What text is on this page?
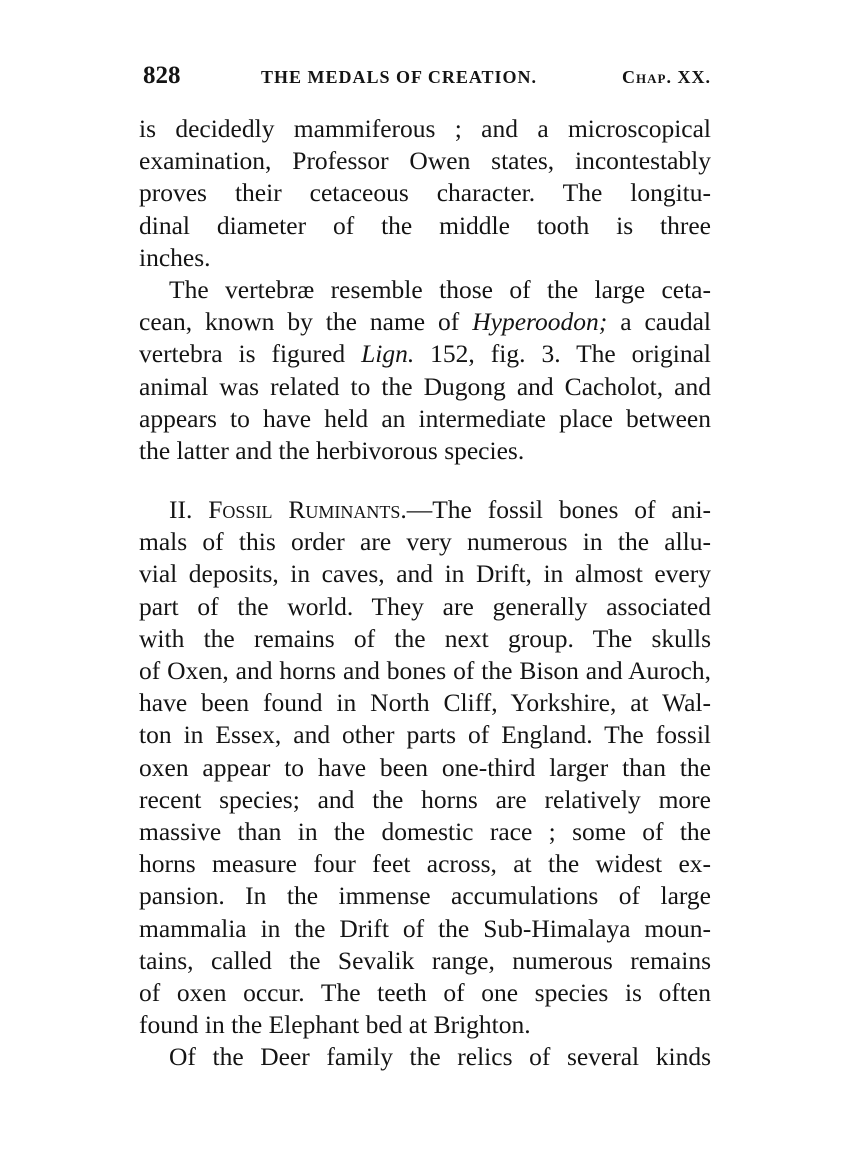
828	THE MEDALS OF CREATION.	Chap. XX.
is decidedly mammiferous ; and a microscopical
examination, Professor Owen states, incontestably
proves their cetaceous character. The longitu-
dinal diameter of the middle tooth is three
inches.
The vertebræ resemble those of the large ceta-
cean, known by the name of Hyperoodon; a caudal
vertebra is figured Lign. 152, fig. 3. The original
animal was related to the Dugong and Cacholot, and
appears to have held an intermediate place between
the latter and the herbivorous species.
II. Fossil Ruminants.—The fossil bones of ani-
mals of this order are very numerous in the allu-
vial deposits, in caves, and in Drift, in almost every
part of the world. They are generally associated
with the remains of the next group. The skulls
of Oxen, and horns and bones of the Bison and Auroch,
have been found in North Cliff, Yorkshire, at Wal-
ton in Essex, and other parts of England. The fossil
oxen appear to have been one-third larger than the
recent species; and the horns are relatively more
massive than in the domestic race ; some of the
horns measure four feet across, at the widest ex-
pansion. In the immense accumulations of large
mammalia in the Drift of the Sub-Himalaya moun-
tains, called the Sevalik range, numerous remains
of oxen occur. The teeth of one species is often
found in the Elephant bed at Brighton.
Of the Deer family the relics of several kinds
